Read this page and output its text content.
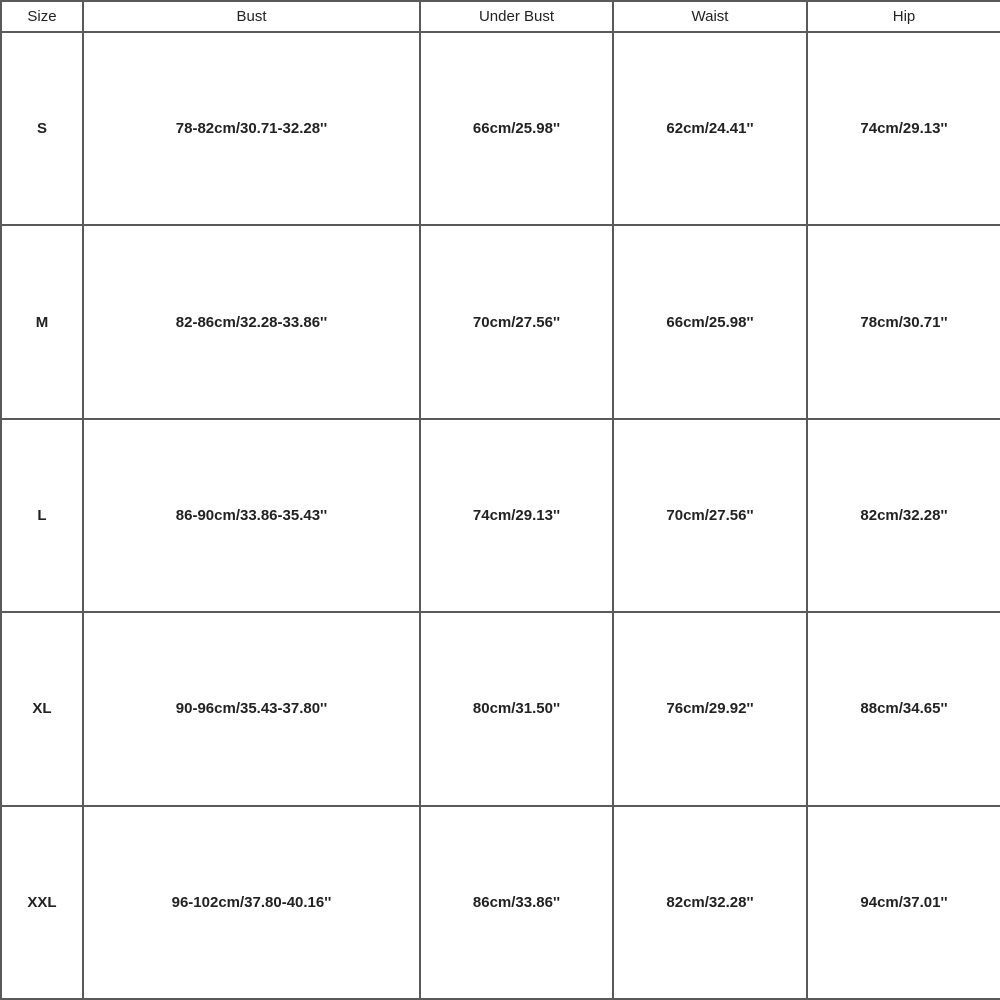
Size	Bust	Under Bust	Waist	Hip
S	78-82cm/30.71-32.28''	66cm/25.98''	62cm/24.41''	74cm/29.13''
M	82-86cm/32.28-33.86''	70cm/27.56''	66cm/25.98''	78cm/30.71''
L	86-90cm/33.86-35.43''	74cm/29.13''	70cm/27.56''	82cm/32.28''
XL	90-96cm/35.43-37.80''	80cm/31.50''	76cm/29.92''	88cm/34.65''
XXL	96-102cm/37.80-40.16''	86cm/33.86''	82cm/32.28''	94cm/37.01''
